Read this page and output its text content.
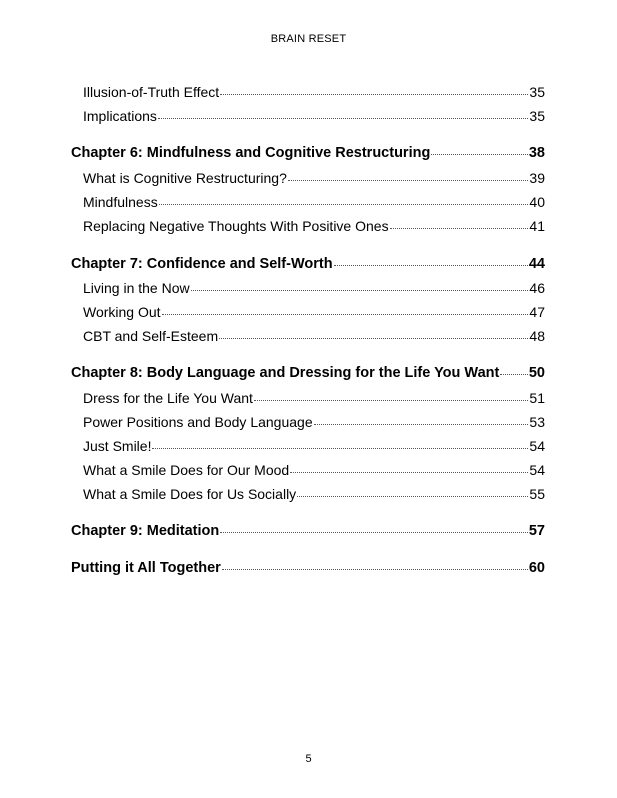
BRAIN RESET
Illusion-of-Truth Effect	35
Implications	35
Chapter 6: Mindfulness and Cognitive Restructuring	38
What is Cognitive Restructuring?	39
Mindfulness	40
Replacing Negative Thoughts With Positive Ones	41
Chapter 7: Confidence and Self-Worth	44
Living in the Now	46
Working Out	47
CBT and Self-Esteem	48
Chapter 8: Body Language and Dressing for the Life You Want 50
Dress for the Life You Want	51
Power Positions and Body Language	53
Just Smile!	54
What a Smile Does for Our Mood	54
What a Smile Does for Us Socially	55
Chapter 9: Meditation	57
Putting it All Together	60
5
